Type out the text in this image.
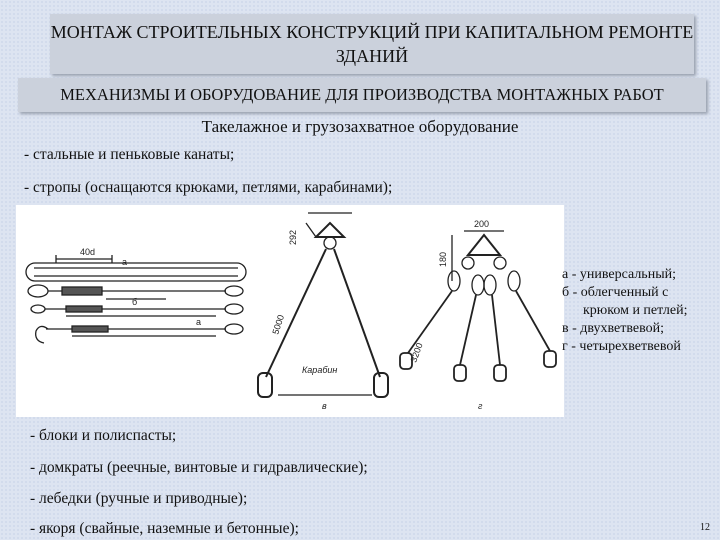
МОНТАЖ СТРОИТЕЛЬНЫХ КОНСТРУКЦИЙ ПРИ КАПИТАЛЬНОМ РЕМОНТЕ ЗДАНИЙ
МЕХАНИЗМЫ И ОБОРУДОВАНИЕ ДЛЯ ПРОИЗВОДСТВА МОНТАЖНЫХ РАБОТ
Такелажное и грузозахватное оборудование
- стальные и пеньковые канаты;
- стропы (оснащаются крюками, петлями, карабинами);
40d
a
б
a	5000
Карабин
в	г
200
180
292
3200
а - универсальный;
б - облегченный с
крюком и петлей;
в - двухветвевой;
г - четырехветвевой
- блоки и полиспасты;
- домкраты (реечные, винтовые и гидравлические);
- лебедки (ручные и приводные);
- якоря (свайные, наземные и бетонные);	12
